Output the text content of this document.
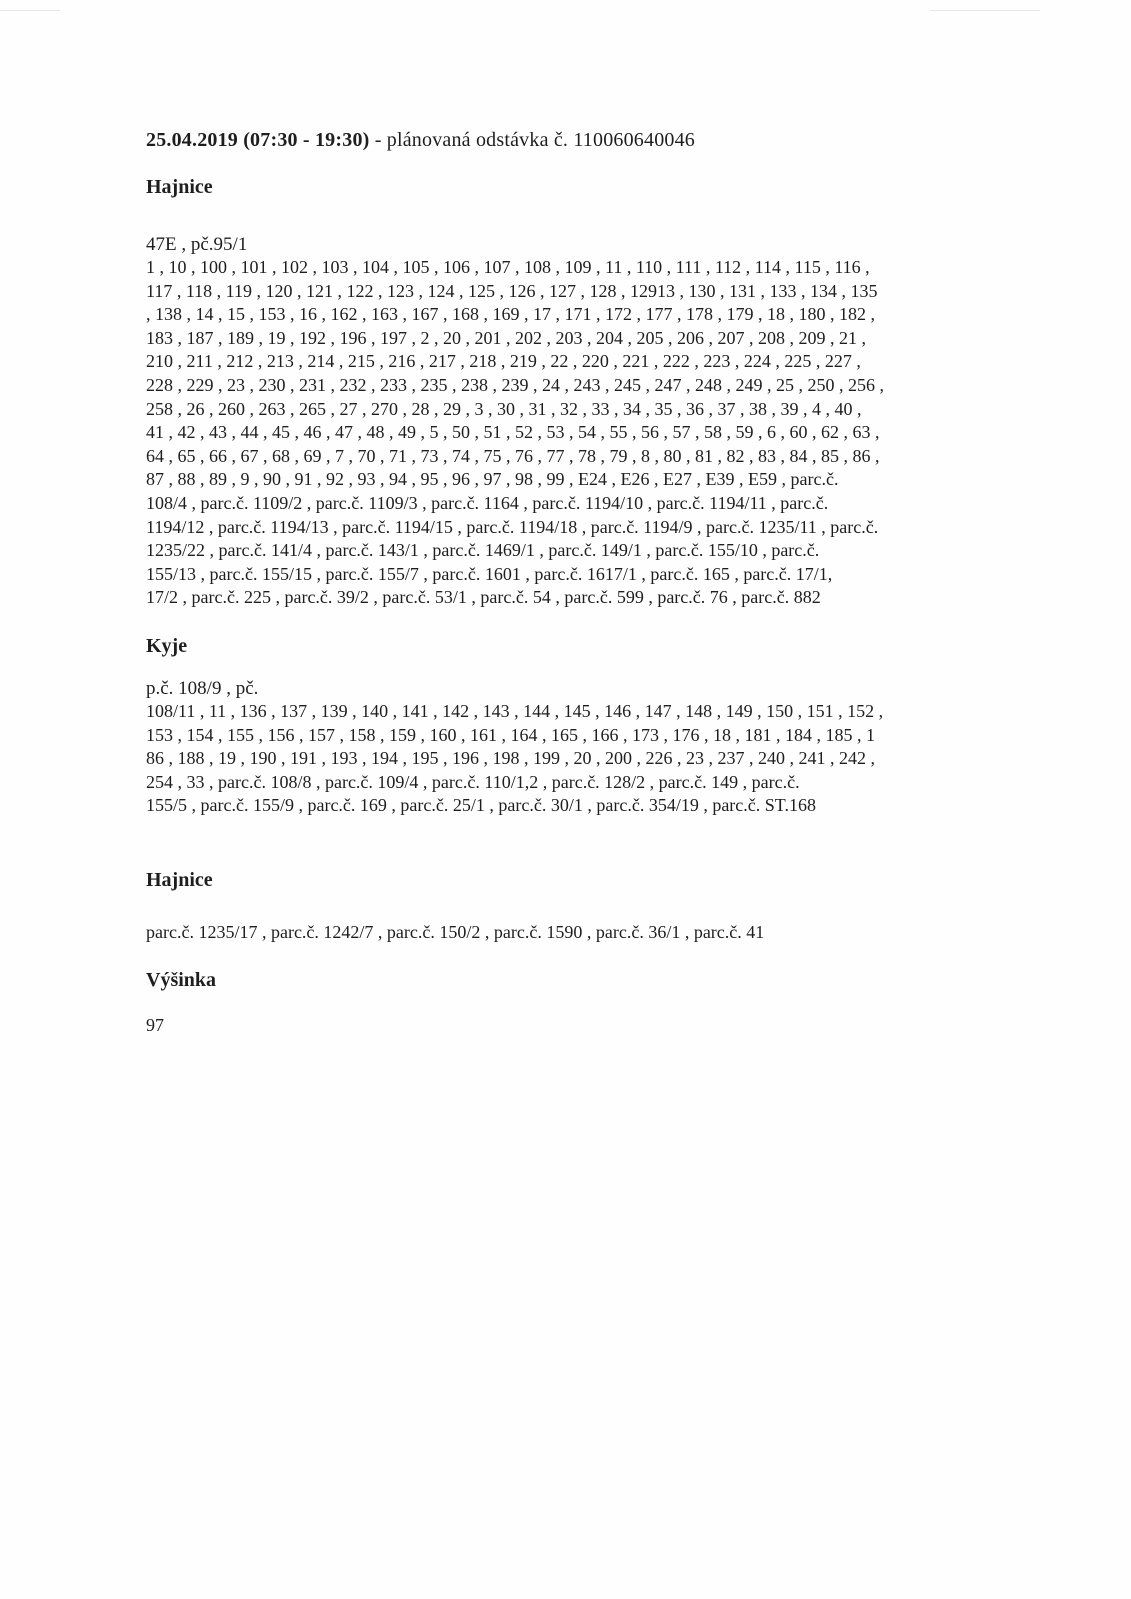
25.04.2019 (07:30 - 19:30) - plánovaná odstávka č. 110060640046

Hajnice

47E , pč.95/1

1 , 10 , 100 , 101 , 102 , 103 , 104 , 105 , 106 , 107 , 108 , 109 , 11 , 110 , 111 , 112 , 114 , 115 , 116 ,

117 , 118 , 119 , 120 , 121 , 122 , 123 , 124 , 125 , 126 , 127 , 128 , 12913 , 130 , 131 , 133 , 134 , 135

, 138 , 14 , 15 , 153 , 16 , 162 , 163 , 167 , 168 , 169 , 17 , 171 , 172 , 177 , 178 , 179 , 18 , 180 , 182 ,

183 , 187 , 189 , 19 , 192 , 196 , 197 , 2 , 20 , 201 , 202 , 203 , 204 , 205 , 206 , 207 , 208 , 209 , 21 ,

210 , 211 , 212 , 213 , 214 , 215 , 216 , 217 , 218 , 219 , 22 , 220 , 221 , 222 , 223 , 224 , 225 , 227 ,

228 , 229 , 23 , 230 , 231 , 232 , 233 , 235 , 238 , 239 , 24 , 243 , 245 , 247 , 248 , 249 , 25 , 250 , 256 ,

258 , 26 , 260 , 263 , 265 , 27 , 270 , 28 , 29 , 3 , 30 , 31 , 32 , 33 , 34 , 35 , 36 , 37 , 38 , 39 , 4 , 40 ,

41 , 42 , 43 , 44 , 45 , 46 , 47 , 48 , 49 , 5 , 50 , 51 , 52 , 53 , 54 , 55 , 56 , 57 , 58 , 59 , 6 , 60 , 62 , 63 ,

64 , 65 , 66 , 67 , 68 , 69 , 7 , 70 , 71 , 73 , 74 , 75 , 76 , 77 , 78 , 79 , 8 , 80 , 81 , 82 , 83 , 84 , 85 , 86 ,

87 , 88 , 89 , 9 , 90 , 91 , 92 , 93 , 94 , 95 , 96 , 97 , 98 , 99 , E24 , E26 , E27 , E39 , E59 , parc.č.

108/4 , parc.č. 1109/2 , parc.č. 1109/3 , parc.č. 1164 , parc.č. 1194/10 , parc.č. 1194/11 , parc.č.

1194/12 , parc.č. 1194/13 , parc.č. 1194/15 , parc.č. 1194/18 , parc.č. 1194/9 , parc.č. 1235/11 , parc.č.

1235/22 , parc.č. 141/4 , parc.č. 143/1 , parc.č. 1469/1 , parc.č. 149/1 , parc.č. 155/10 , parc.č.

155/13 , parc.č. 155/15 , parc.č. 155/7 , parc.č. 1601 , parc.č. 1617/1 , parc.č. 165 , parc.č. 17/1,

17/2 , parc.č. 225 , parc.č. 39/2 , parc.č. 53/1 , parc.č. 54 , parc.č. 599 , parc.č. 76 , parc.č. 882

Kyje

p.č. 108/9 , pč.

108/11 , 11 , 136 , 137 , 139 , 140 , 141 , 142 , 143 , 144 , 145 , 146 , 147 , 148 , 149 , 150 , 151 , 152 ,

153 , 154 , 155 , 156 , 157 , 158 , 159 , 160 , 161 , 164 , 165 , 166 , 173 , 176 , 18 , 181 , 184 , 185 , 1

86 , 188 , 19 , 190 , 191 , 193 , 194 , 195 , 196 , 198 , 199 , 20 , 200 , 226 , 23 , 237 , 240 , 241 , 242 ,

254 , 33 , parc.č. 108/8 , parc.č. 109/4 , parc.č. 110/1,2 , parc.č. 128/2 , parc.č. 149 , parc.č.

155/5 , parc.č. 155/9 , parc.č. 169 , parc.č. 25/1 , parc.č. 30/1 , parc.č. 354/19 , parc.č. ST.168

Hajnice

parc.č. 1235/17 , parc.č. 1242/7 , parc.č. 150/2 , parc.č. 1590 , parc.č. 36/1 , parc.č. 41

Výšinka

97
